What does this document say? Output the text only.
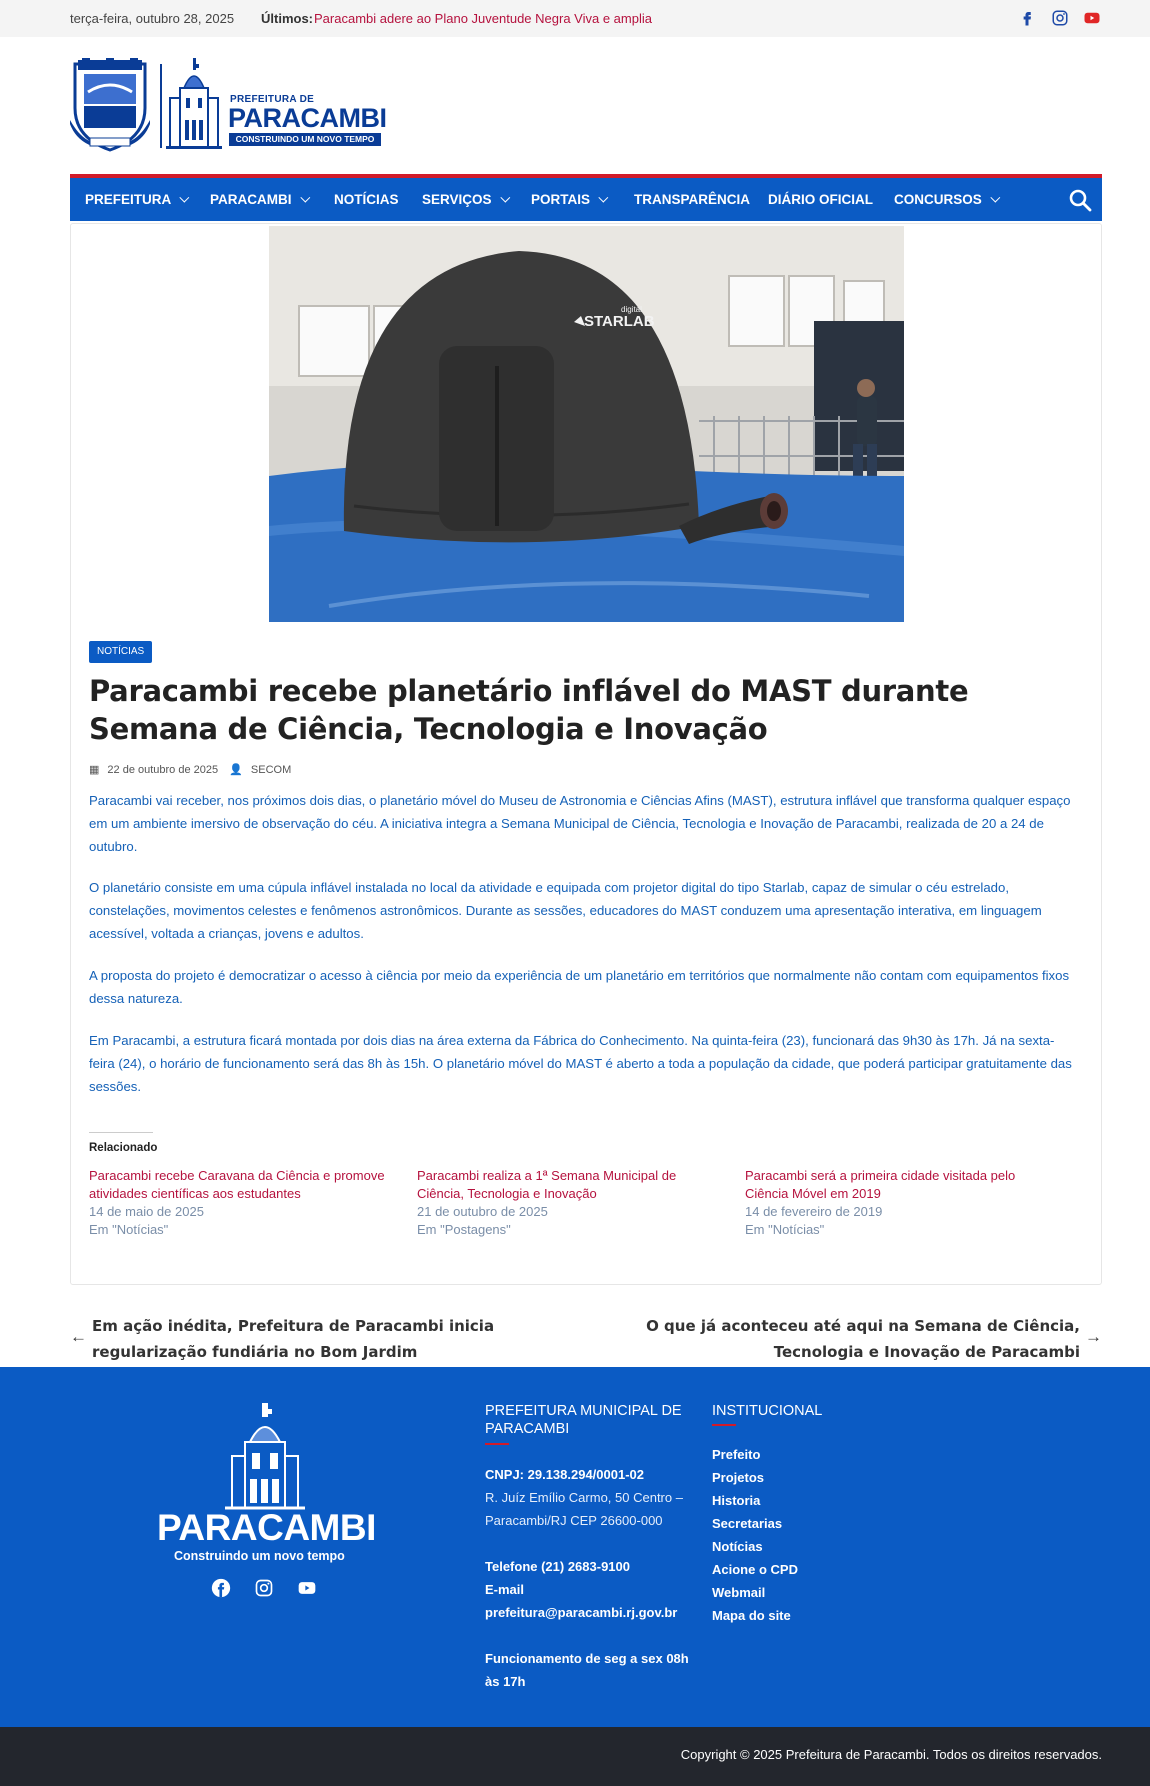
terça-feira, outubro 28, 2025 Últimos: Paracambi adere ao Plano Juventude Negra Viva e amplia
PREFEITURA DE
PARACAMBI
CONSTRUINDO UM NOVO TEMPO
PREFEITURA	PARACAMBI	NOTÍCIAS SERVIÇOS	PORTAIS	TRANSPARÊNCIA DIÁRIO OFICIAL CONCURSOS
STARLAB
digital
NOTÍCIAS
Paracambi recebe planetário inflável do MAST durante Semana de Ciência, Tecnologia e Inovação
▦ 22 de outubro de 2025 👤 SECOM

Paracambi vai receber, nos próximos dois dias, o planetário móvel do Museu de Astronomia e Ciências Afins (MAST), estrutura inflável que transforma qualquer espaço em um ambiente imersivo de observação do céu. A iniciativa integra a Semana Municipal de Ciência, Tecnologia e Inovação de Paracambi, realizada de 20 a 24 de outubro.

O planetário consiste em uma cúpula inflável instalada no local da atividade e equipada com projetor digital do tipo Starlab, capaz de simular o céu estrelado, constelações, movimentos celestes e fenômenos astronômicos. Durante as sessões, educadores do MAST conduzem uma apresentação interativa, em linguagem acessível, voltada a crianças, jovens e adultos.

A proposta do projeto é democratizar o acesso à ciência por meio da experiência de um planetário em territórios que normalmente não contam com equipamentos fixos dessa natureza.

Em Paracambi, a estrutura ficará montada por dois dias na área externa da Fábrica do Conhecimento. Na quinta-feira (23), funcionará das 9h30 às 17h. Já na sexta-feira (24), o horário de funcionamento será das 8h às 15h. O planetário móvel do MAST é aberto a toda a população da cidade, que poderá participar gratuitamente das sessões.

Relacionado
Paracambi recebe Caravana da Ciência e promove atividades científicas aos estudantes
14 de maio de 2025
Em "Notícias"
Paracambi realiza a 1ª Semana Municipal de Ciência, Tecnologia e Inovação
21 de outubro de 2025
Em "Postagens"
Paracambi será a primeira cidade visitada pelo Ciência Móvel em 2019
14 de fevereiro de 2019
Em "Notícias"
←
Em ação inédita, Prefeitura de Paracambi inicia regularização fundiária no Bom Jardim
O que já aconteceu até aqui na Semana de Ciência, Tecnologia e Inovação de Paracambi
→
PARACAMBI
Construindo um novo tempo
PREFEITURA MUNICIPAL DE PARACAMBI
CNPJ: 29.138.294/0001-02
R. Juíz Emílio Carmo, 50 Centro – Paracambi/RJ CEP 26600-000
Telefone (21) 2683-9100
E-mail
prefeitura@paracambi.rj.gov.br
Funcionamento de seg a sex 08h às 17h
INSTITUCIONAL
Prefeito
Projetos
Historia
Secretarias
Notícias
Acione o CPD
Webmail
Mapa do site
Copyright © 2025 Prefeitura de Paracambi. Todos os direitos reservados.
